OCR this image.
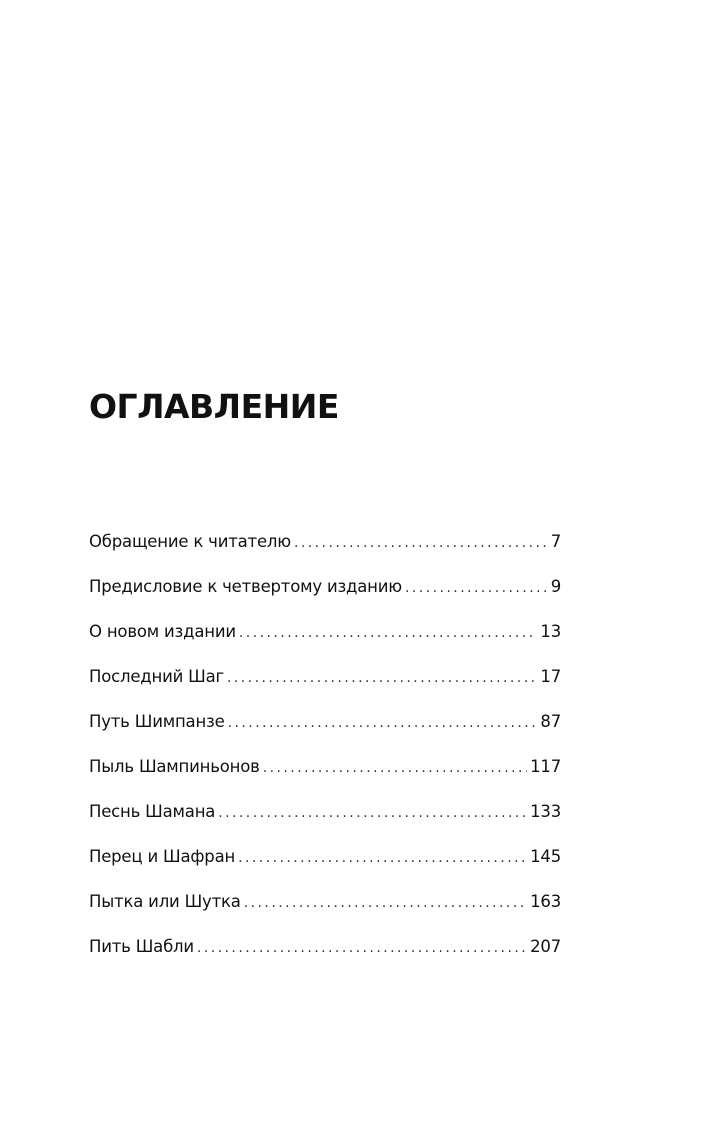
ОГЛАВЛЕНИЕ
Обращение к читателю . . .	7
Предисловие к четвертому изданию . . .	9
О новом издании . . .	13
Последний Шаг . . .	17
Путь Шимпанзе . . .	87
Пыль Шампиньонов . . .	117
Песнь Шамана . . .	133
Перец и Шафран . . .	145
Пытка или Шутка . . .	163
Пить Шабли . . .	207
